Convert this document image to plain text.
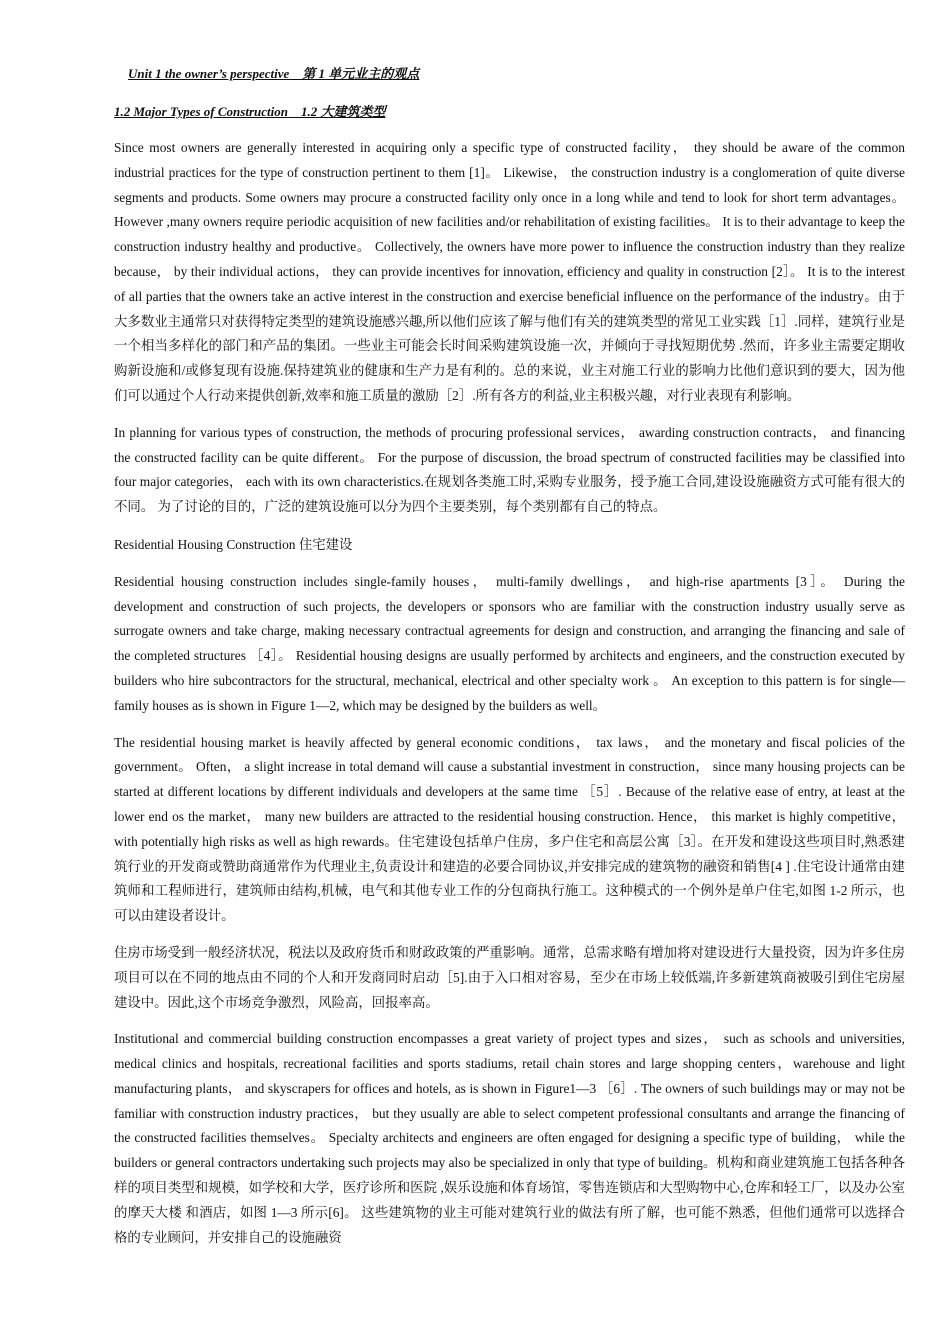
Unit 1 the owner’s perspective　第 1 单元业主的观点
1.2 Major Types of Construction　1.2 大建筑类型

Since most owners are generally interested in acquiring only a specific type of constructed facility， they should be aware of the common industrial practices for the type of construction pertinent to them [1]。 Likewise， the construction industry is a conglomeration of quite diverse segments and products. Some owners may procure a constructed facility only once in a long while and tend to look for short term advantages。 However ,many owners require periodic acquisition of new facilities and/or rehabilitation of existing facilities。 It is to their advantage to keep the construction industry healthy and productive。 Collectively, the owners have more power to influence the construction industry than they realize because， by their individual actions， they can provide incentives for innovation, efficiency and quality in construction [2］。 It is to the interest of all parties that the owners take an active interest in the construction and exercise beneficial influence on the performance of the industry。由于大多数业主通常只对获得特定类型的建筑设施感兴趣,所以他们应该了解与他们有关的建筑类型的常见工业实践［1］.同样，建筑行业是一个相当多样化的部门和产品的集团。一些业主可能会长时间采购建筑设施一次，并倾向于寻找短期优势 .然而，许多业主需要定期收购新设施和/或修复现有设施.保持建筑业的健康和生产力是有利的。总的来说，业主对施工行业的影响力比他们意识到的要大，因为他们可以通过个人行动来提供创新,效率和施工质量的激励［2］.所有各方的利益,业主积极兴趣，对行业表现有利影响。

In planning for various types of construction, the methods of procuring professional services， awarding construction contracts， and financing the constructed facility can be quite different。 For the purpose of discussion, the broad spectrum of constructed facilities may be classified into four major categories， each with its own characteristics.在规划各类施工时,采购专业服务，授予施工合同,建设设施融资方式可能有很大的不同。 为了讨论的目的，广泛的建筑设施可以分为四个主要类别，每个类别都有自己的特点。

Residential Housing Construction 住宅建设

Residential housing construction includes single-family houses， multi-family dwellings， and high-rise apartments [3］。 During the development and construction of such projects, the developers or sponsors who are familiar with the construction industry usually serve as surrogate owners and take charge, making necessary contractual agreements for design and construction, and arranging the financing and sale of the completed structures ［4］。 Residential housing designs are usually performed by architects and engineers, and the construction executed by builders who hire subcontractors for the structural, mechanical, electrical and other specialty work 。 An exception to this pattern is for single—family houses as is shown in Figure 1—2, which may be designed by the builders as well。

The residential housing market is heavily affected by general economic conditions， tax laws， and the monetary and fiscal policies of the government。 Often， a slight increase in total demand will cause a substantial investment in construction， since many housing projects can be started at different locations by different individuals and developers at the same time ［5］. Because of the relative ease of entry, at least at the lower end os the market， many new builders are attracted to the residential housing construction. Hence， this market is highly competitive， with potentially high risks as well as high rewards。住宅建设包括单户住房，多户住宅和高层公寓［3］。在开发和建设这些项目时,熟悉建筑行业的开发商或赞助商通常作为代理业主,负责设计和建造的必要合同协议,并安排完成的建筑物的融资和销售[4 ] .住宅设计通常由建筑师和工程师进行，建筑师由结构,机械，电气和其他专业工作的分包商执行施工。这种模式的一个例外是单户住宅,如图 1-2 所示，也可以由建设者设计。

住房市场受到一般经济状况，税法以及政府货币和财政政策的严重影响。通常，总需求略有增加将对建设进行大量投资，因为许多住房项目可以在不同的地点由不同的个人和开发商同时启动［5].由于入口相对容易，至少在市场上较低端,许多新建筑商被吸引到住宅房屋建设中。因此,这个市场竞争激烈，风险高，回报率高。

Institutional and commercial building construction encompasses a great variety of project types and sizes， such as schools and universities, medical clinics and hospitals, recreational facilities and sports stadiums, retail chain stores and large shopping centers，warehouse and light manufacturing plants， and skyscrapers for offices and hotels, as is shown in Figure1—3 ［6］. The owners of such buildings may or may not be familiar with construction industry practices， but they usually are able to select competent professional consultants and arrange the financing of the constructed facilities themselves。 Specialty architects and engineers are often engaged for designing a specific type of building， while the builders or general contractors undertaking such projects may also be specialized in only that type of building。机构和商业建筑施工包括各种各样的项目类型和规模，如学校和大学，医疗诊所和医院 ,娱乐设施和体育场馆，零售连锁店和大型购物中心,仓库和轻工厂，以及办公室的摩天大楼 和酒店，如图 1—3 所示[6]。 这些建筑物的业主可能对建筑行业的做法有所了解，也可能不熟悉，但他们通常可以选择合格的专业顾问，并安排自己的设施融资
